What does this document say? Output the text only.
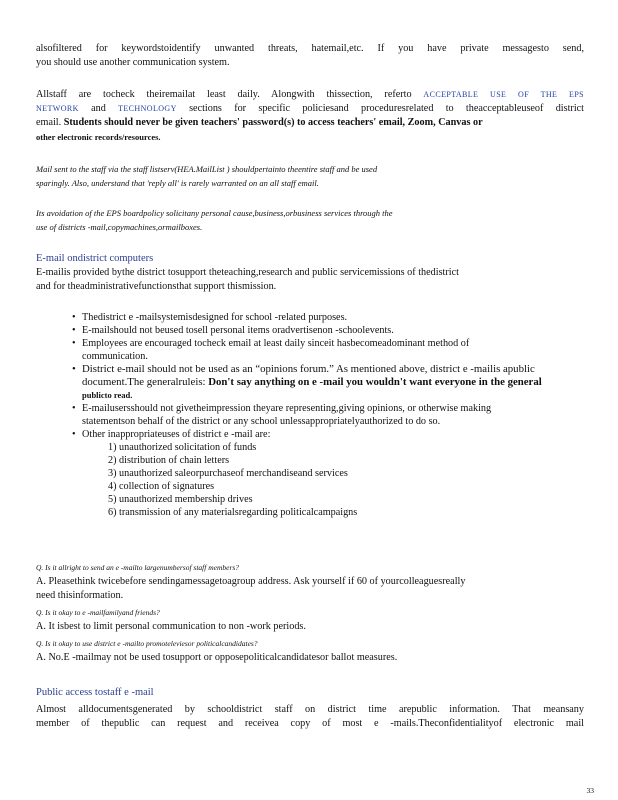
alsofiltered for keywordstoidentify unwanted threats, hatemail,etc. If you have private messagesto send,

you should use another communication system.

Allstaff are tocheck theiremailat least daily. Alongwith thissection, referto ACCEPTABLE USE OF THE EPS

NETWORK and TECHNOLOGY sections for specific policiesand proceduresrelated to theacceptableuseof district

email. Students should never be given teachers' password(s) to access teachers' email, Zoom, Canvas or

other electronic records/resources.

Mail sent to the staff via the staff listserv(HEA.MailList ) shouldpertainto theentire staff and be used

sparingly. Also, understand that 'reply all' is rarely warranted on an all staff email.

Its avoidation of the EPS boardpolicy solicitany personal cause,business,orbusiness services through the

use of districts -mail,copymachines,ormailboxes.

E-mail ondistrict computers

E-mailis provided bythe district tosupport theteaching,research and public servicemissions of thedistrict

and for theadministrativefunctionsthat support thismission.

• Thedistrict e -mailsystemisdesigned for school -related purposes.

• E-mailshould not beused tosell personal items oradvertisenon -schoolevents.

• Employees are encouraged tocheck email at least daily sinceit hasbecomeadominant method of

communication.

• District e-mail should not be used as an “opinions forum.” As mentioned above, district e -mailis apublic

document.The generalruleis: Don't say anything on e -mail you wouldn't want everyone in the general

publicto read.

• E-mailusersshould not givetheimpression theyare representing,giving opinions, or otherwise making

statementson behalf of the district or any school unlessappropriatelyauthorized to do so.

• Other inappropriateuses of district e -mail are:

1) unauthorized solicitation of funds
2) distribution of chain letters
3) unauthorized saleorpurchaseof merchandiseand services
4) collection of signatures
5) unauthorized membership drives
6) transmission of any materialsregarding politicalcampaigns

Q. Is it allright to send an e -mailto largenumbersof staff members?

A. Pleasethink twicebefore sendingamessagetoagroup address. Ask yourself if 60 of yourcolleaguesreally

need thisinformation.

Q. Is it okay to e -mailfamilyand friends?

A. It isbest to limit personal communication to non -work periods.

Q. Is it okay to use district e -mailto promoteleviesor politicalcandidates?

A. No.E -mailmay not be used tosupport or opposepoliticalcandidatesor ballot measures.

Public access tostaff e -mail

Almost alldocumentsgenerated by schooldistrict staff on district time arepublic information. That meansany

member of thepublic can request and receivea copy of most e -mails.Theconfidentialityof electronic mail

33
